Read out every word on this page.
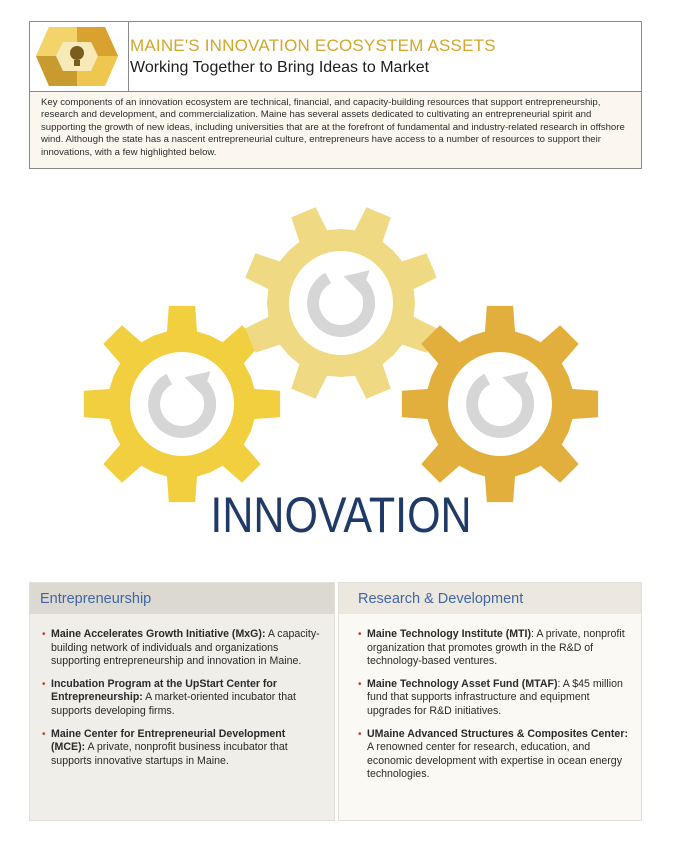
MAINE'S INNOVATION ECOSYSTEM ASSETS
Working Together to Bring Ideas to Market
Key components of an innovation ecosystem are technical, financial, and capacity-building resources that support entrepreneurship, research and development, and commercialization. Maine has several assets dedicated to cultivating an entrepreneurial spirit and supporting the growth of new ideas, including universities that are at the forefront of fundamental and industry-related research in offshore wind. Although the state has a nascent entrepreneurial culture, entrepreneurs have access to a number of resources to support their innovations, with a few highlighted below.
INNOVATION
Entrepreneurship
• Maine Accelerates Growth Initiative (MxG): A capacity-building network of individuals and organizations supporting entrepreneurship and innovation in Maine.
• Incubation Program at the UpStart Center for Entrepreneurship: A market-oriented incubator that supports developing firms.
• Maine Center for Entrepreneurial Development (MCE): A private, nonprofit business incubator that supports innovative startups in Maine.
Research & Development
• Maine Technology Institute (MTI): A private, nonprofit organization that promotes growth in the R&D of technology-based ventures.
• Maine Technology Asset Fund (MTAF): A $45 million fund that supports infrastructure and equipment upgrades for R&D initiatives.
• UMaine Advanced Structures & Composites Center: A renowned center for research, education, and economic development with expertise in ocean energy technologies.
